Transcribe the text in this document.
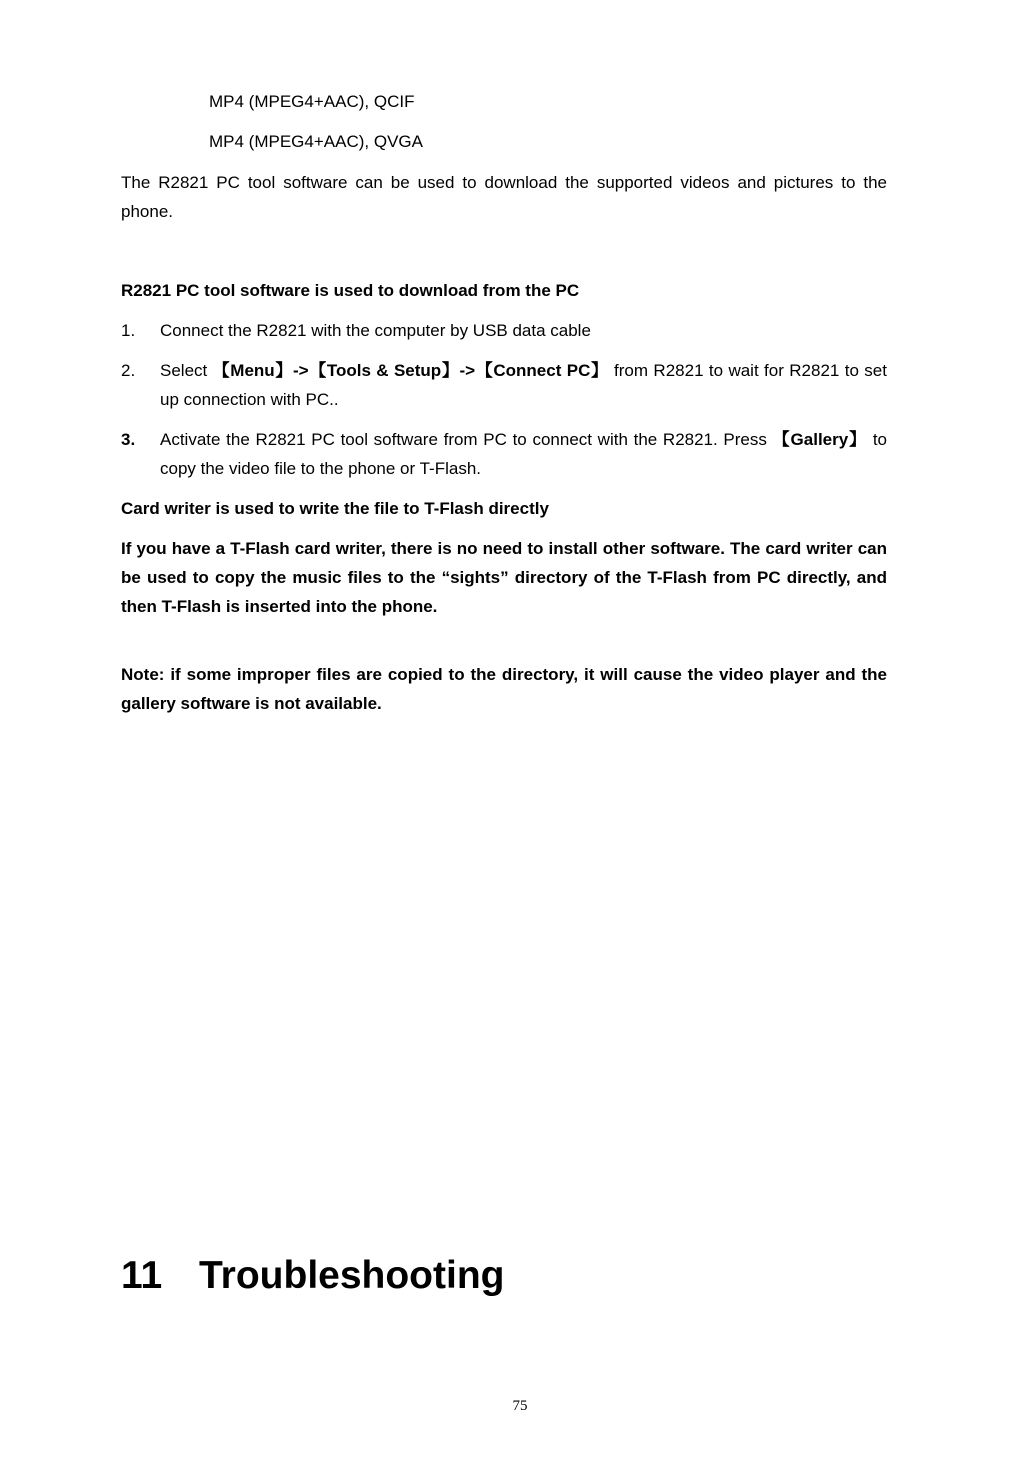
MP4 (MPEG4+AAC), QCIF
MP4 (MPEG4+AAC), QVGA
The R2821 PC tool software can be used to download the supported videos and pictures to the phone.
R2821 PC tool software is used to download from the PC
1. Connect the R2821 with the computer by USB data cable
2. Select 【Menu】->【Tools & Setup】->【Connect PC】 from R2821 to wait for R2821 to set up connection with PC..
3. Activate the R2821 PC tool software from PC to connect with the R2821. Press 【Gallery】 to copy the video file to the phone or T-Flash.
Card writer is used to write the file to T-Flash directly
If you have a T-Flash card writer, there is no need to install other software. The card writer can be used to copy the music files to the “sights” directory of the T-Flash from PC directly, and then T-Flash is inserted into the phone.
Note: if some improper files are copied to the directory, it will cause the video player and the gallery software is not available.
11 Troubleshooting
75
